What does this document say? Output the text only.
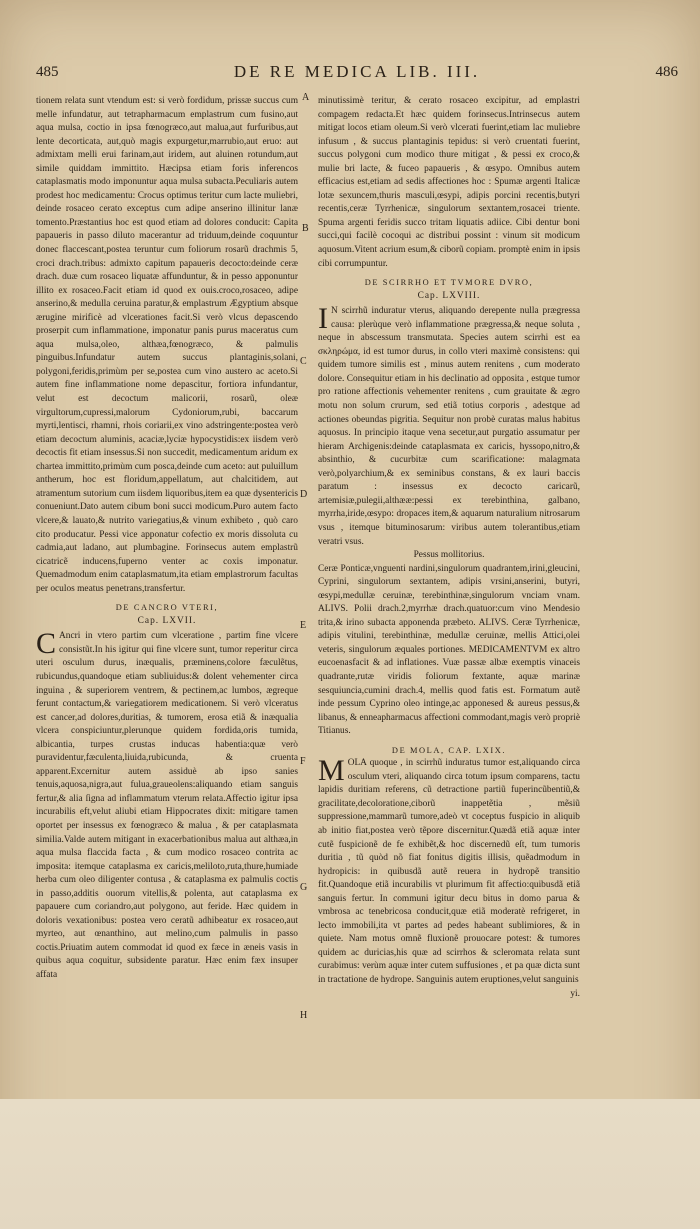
485	DE RE MEDICA LIB. III.	486
A
B
C
D
E
F
G
H

tionem relata sunt vtendum est: si verò fordidum, prissæ succus cum melle infundatur, aut tetrapharmacum emplastrum cum fusino,aut aqua mulsa, coctio in ipsa fœnogræco,aut malua,aut furfuribus,aut lente decorticata, aut,quò magis expurgetur,marrubio,aut eruo: aut admixtam melli erui farinam,aut iridem, aut aluinen rotundum,aut simile quiddam immittito. Hæcipsa etiam foris inferencos cataplasmatis modo imponuntur aqua mulsa subacta.Peculiaris autem prodest hoc medicamentu: Crocus optimus teritur cum lacte muliebri, deinde rosaceo cerato exceptus cum adipe anserino illinitur lanæ tomento.Præstantius hoc est quod etiam ad dolores conducit: Capita papaueris in passo diluto macerantur ad triduum,deinde coquuntur donec flaccescant,postea teruntur cum foliorum rosarũ drachmis 5, croci drach.tribus: admixto capitum papaueris decocto:deinde ceræ drach. duæ cum rosaceo liquatæ affunduntur, & in pesso apponuntur illito ex rosaceo.Facit etiam id quod ex ouis.croco,rosaceo, adipe anserino,& medulla ceruina paratur,& emplastrum Ægyptium absque ærugine mirificè ad vlcerationes facit.Si verò vlcus depascendo proserpit cum inflammatione, imponatur panis purus maceratus cum aqua mulsa,oleo, althæa,fœnogræco, & palmulis pinguibus.Infundatur autem succus plantaginis,solani, polygoni,feridis,primùm per se,postea cum vino austero ac aceto.Si autem fine inflammatione nome depascitur, fortiora infundantur, velut est decoctum malicorii, rosarũ, oleæ virgultorum,cupressi,malorum Cydoniorum,rubi, baccarum myrti,lentisci, rhamni, rhois coriarii,ex vino adstringente:postea verò etiam decoctum aluminis, acaciæ,lyciæ hypocystidis:ex iisdem verò decoctis fit etiam insessus.Si non succedit, medicamentum aridum ex chartea immittito,primùm cum posca,deinde cum aceto: aut puluillum antherum, hoc est floridum,appellatum, aut chalcitidem, aut atramentum sutorium cum iisdem liquoribus,item ea quæ dysentericis conueniunt.Dato autem cibum boni succi modicum.Puro autem facto vlcere,& lauato,& nutrito variegatius,& vinum exhibeto , quò caro cito producatur. Pessi vice apponatur cofectio ex moris dissoluta cu cadmia,aut ladano, aut plumbagine. Forinsecus autem emplastrũ cicatricẽ inducens,fuperno venter ac coxis imponatur. Quemadmodum enim cataplasmatum,ita etiam emplastrorum facultas per oculos meatus penetrans,transfertur.

DE CANCRO VTERI,
Cap. LXVII.

C Ancri in vtero partim cum vlceratione , partim fine vlcere consistũt.In his igitur qui fine vlcere sunt, tumor reperitur circa uteri osculum durus, inæqualis, præminens,colore fæculẽtus, rubicundus,quandoque etiam subliuidus:& dolent vehementer circa inguina , & superiorem ventrem, & pectinem,ac lumbos, ægreque ferunt contactum,& variegatiorem medicationem. Si verò vlceratus est cancer,ad dolores,duritias, & tumorem, erosa etiã & inæqualia vlcera conspiciuntur,plerunque quidem fordida,oris tumida, albicantia, turpes crustas inducas habentia:quæ verò puravidentur,fæculenta,liuida,rubicunda, & cruenta apparent.Excernitur autem assiduè ab ipso sanies tenuis,aquosa,nigra,aut fulua,graueolens:aliquando etiam sanguis fertur,& alia ſigna ad inflammatum vterum relata.Affectio igitur ipsa incurabilis eft,velut aliubi etiam Hippocrates dixit: mitigare tamen oportet per insessus ex fœnogræco & malua , & per cataplasmata similia.Valde autem mitigant in exacerbationibus malua aut althæa,in aqua mulsa flaccida facta , & cum modico rosaceo contrita ac imposita: itemque cataplasma ex caricis,meliloto,ruta,thure,humiade herba cum oleo diligenter contusa , & cataplasma ex palmulis coctis in passo,additis ouorum vitellis,& polenta, aut cataplasma ex papauere cum coriandro,aut polygono, aut feride. Hæc quidem in doloris vexationibus: postea vero ceratũ adhibeatur ex rosaceo,aut myrteo, aut œnanthino, aut melino,cum palmulis in passo coctis.Priuatim autem commodat id quod ex fæce in æneis vasis in quibus aqua coquitur, subsidente paratur. Hæc enim fæx insuper affata

minutissimè teritur, & cerato rosaceo excipitur, ad emplastri compagem redacta.Et hæc quidem forinsecus.Intrinsecus autem mitigat locos etiam oleum.Si verò vlcerati fuerint,etiam lac muliebre infusum , & succus plantaginis tepidus: si verò cruentati fuerint, succus polygoni cum modico thure mitigat , & pessi ex croco,& mulie bri lacte, & fuceo papaueris , & œsypo. Omnibus autem efficacius est,etiam ad sedis affectiones hoc : Spumæ argenti Italicæ lotæ sexuncem,thuris masculi,œsypi, adipis porcini recentis,butyri recentis,ceræ Tyrrhenicæ, singulorum sextantem,rosacei triente. Spuma argenti feridis succo tritam liquatis adiice. Cibi dentur boni succi,qui facilè cocoqui ac distribui possint : vinum sit modicum aquosum.Vitent acrium esum,& ciborũ copiam. promptè enim in ipsis cibi corrumpuntur.

DE SCIRRHO ET TVMORE DVRO,
Cap. LXVIII.

I N scirrhũ induratur vterus, aliquando derepente nulla prægressa causa: plerùque verò inflammatione prægressa,& neque soluta , neque in abscessum transmutata. Species autem scirrhi est ea σκληρώμα, id est tumor durus, in collo vteri maximè consistens: qui quidem tumore similis est , minus autem renitens , cum moderato dolore. Consequitur etiam in his declinatio ad opposita , estque tumor pro ratione affectionis vehementer renitens , cum grauitate & ægro motu non solum crurum, sed etiã totius corporis , adestque ad actiones obeundas pigritia. Sequitur non probè curatas malus habitus aquosus. In principio itaque vena secetur,aut purgatio assumatur per hieram Archigenis:deinde cataplasmata ex caricis, hyssopo,nitro,& absinthio, & cucurbitæ cum scarificatione: malagmata verò,polyarchium,& ex seminibus constans, & ex lauri baccis paratum : insessus ex decocto caricarũ, artemisiæ,pulegii,althææ:pessi ex terebinthina, galbano, myrrha,iride,œsypo: dropaces item,& aquarum naturalium nitrosarum vsus , itemque bituminosarum: viribus autem tolerantibus,etiam veratri vsus.

Pessus mollitorius.

Ceræ Ponticæ,vnguenti nardini,singulorum quadrantem,irini,gleucini, Cyprini, singulorum sextantem, adipis vrsini,anserini, butyri, œsypi,medullæ ceruinæ, terebinthinæ,singulorum vnciam vnam. ALIVS. Polii drach.2,myrrhæ drach.quatuor:cum vino Mendesio trita,& irino subacta apponenda præbeto. ALIVS. Ceræ Tyrrhenicæ, adipis vitulini, terebinthinæ, medullæ ceruinæ, mellis Attici,olei veteris, singulorum æquales portiones. MEDICAMENTVM ex altro eucoenasfacit & ad inflationes. Vuæ passæ albæ exemptis vinaceis quadrante,rutæ viridis foliorum fextante, aquæ marinæ sesquiuncia,cumini drach.4, mellis quod fatis est. Formatum autẽ inde pessum Cyprino oleo intinge,ac apponesed & aureus pessus,& libanus, & enneapharmacus affectioni commodant,magis verò propriè Titianus.

DE MOLA, CAP. LXIX.

MOLA quoque , in scirrhũ induratus tumor est,aliquando circa osculum vteri, aliquando circa totum ipsum comparens, tactu lapidis duritiam referens, cũ detractione partiũ fuperincũbentiũ,& gracilitate,decoloratione,ciborũ inappetẽtia , mẽsiũ suppressione,mammarũ tumore,adeò vt coceptus fuspicio in aliquib ab initio fiat,postea verò tẽpore discernitur.Quædã etiã aquæ inter cutẽ fuspicionẽ de fe exhibẽt,& hoc discernedũ eſt, tum tumoris duritia , tũ quòd nõ fiat fonitus digitis illisis, quẽadmodum in hydropicis: in quibusdã autẽ reuera in hydropẽ transitio fit.Quandoque etiã incurabilis vt plurimum fit affectio:quibusdã etiã sanguis fertur. In communi igitur decu bitus in domo parua & vmbrosa ac tenebricosa conducit,quæ etiã moderatè refrigeret, in lecto immobili,ita vt partes ad pedes habeant sublimiores, & in quiete. Nam motus omnẽ fluxionẽ prouocare potest: & tumores quidem ac duricias,his quæ ad scirrhos & scleromata relata sunt curabimus: verùm aquæ inter cutem suffusiones , et pa quæ dicta sunt in tractatione de hydrope. Sanguinis autem eruptiones,velut sanguinis

yi.
